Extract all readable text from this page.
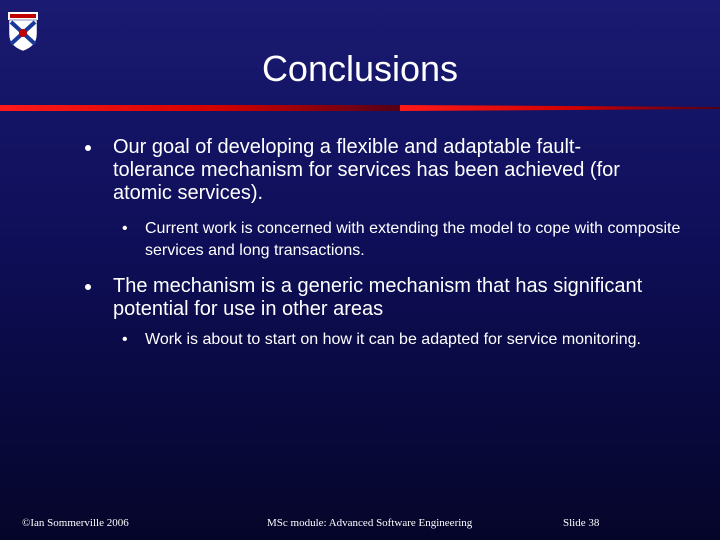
Conclusions
Our goal of developing a flexible and adaptable fault-tolerance mechanism for services has been achieved (for atomic services).
• Current work is concerned with extending the model to cope with composite services and long transactions.
The mechanism is a generic mechanism that has significant potential for use in other areas
• Work is about to start on how it can be adapted for service monitoring.
©Ian Sommerville 2006	MSc module: Advanced Software Engineering	Slide 38
